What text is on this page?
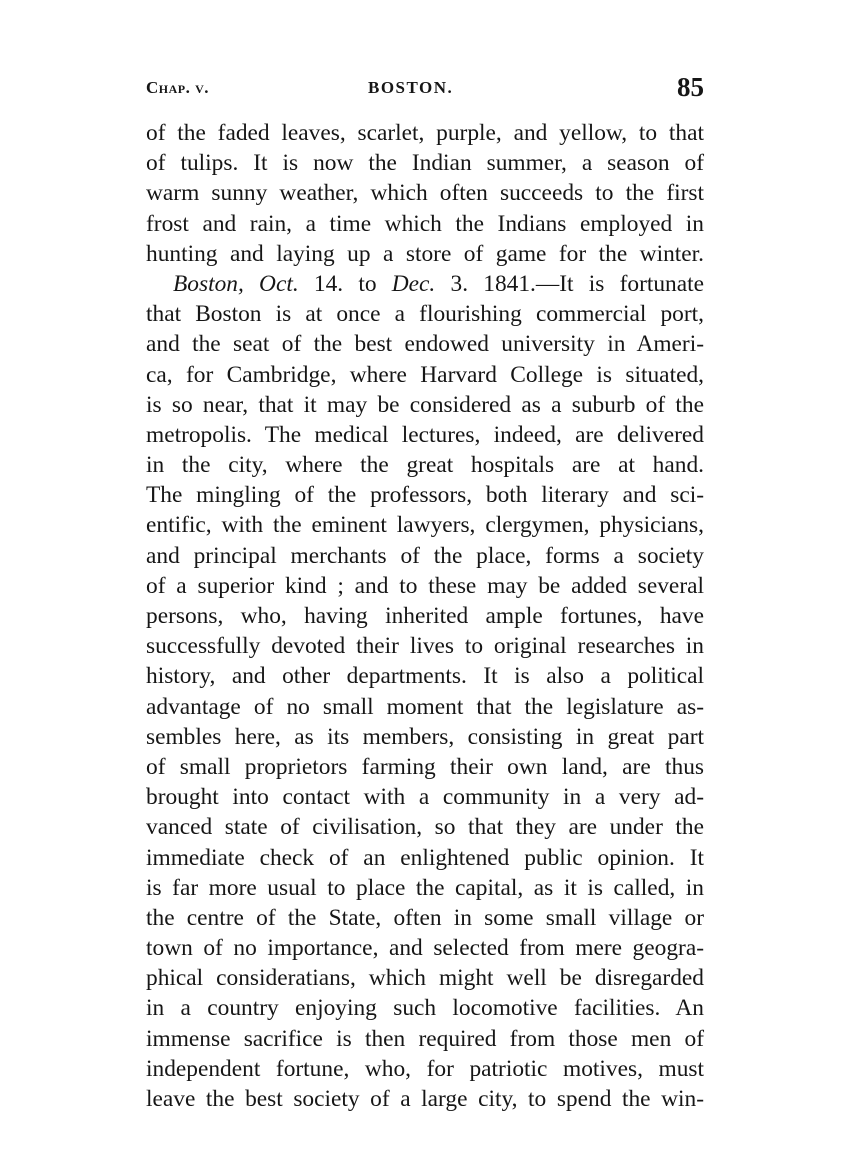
Chap. v.	BOSTON.	85
of the faded leaves, scarlet, purple, and yellow, to that
of tulips. It is now the Indian summer, a season of
warm sunny weather, which often succeeds to the first
frost and rain, a time which the Indians employed in
hunting and laying up a store of game for the winter.
Boston, Oct. 14. to Dec. 3. 1841.—It is fortunate
that Boston is at once a flourishing commercial port,
and the seat of the best endowed university in Ameri-
ca, for Cambridge, where Harvard College is situated,
is so near, that it may be considered as a suburb of the
metropolis. The medical lectures, indeed, are delivered
in the city, where the great hospitals are at hand.
The mingling of the professors, both literary and sci-
entific, with the eminent lawyers, clergymen, physicians,
and principal merchants of the place, forms a society
of a superior kind ; and to these may be added several
persons, who, having inherited ample fortunes, have
successfully devoted their lives to original researches in
history, and other departments. It is also a political
advantage of no small moment that the legislature as-
sembles here, as its members, consisting in great part
of small proprietors farming their own land, are thus
brought into contact with a community in a very ad-
vanced state of civilisation, so that they are under the
immediate check of an enlightened public opinion. It
is far more usual to place the capital, as it is called, in
the centre of the State, often in some small village or
town of no importance, and selected from mere geogra-
phical consideratians, which might well be disregarded
in a country enjoying such locomotive facilities. An
immense sacrifice is then required from those men of
independent fortune, who, for patriotic motives, must
leave the best society of a large city, to spend the win-
